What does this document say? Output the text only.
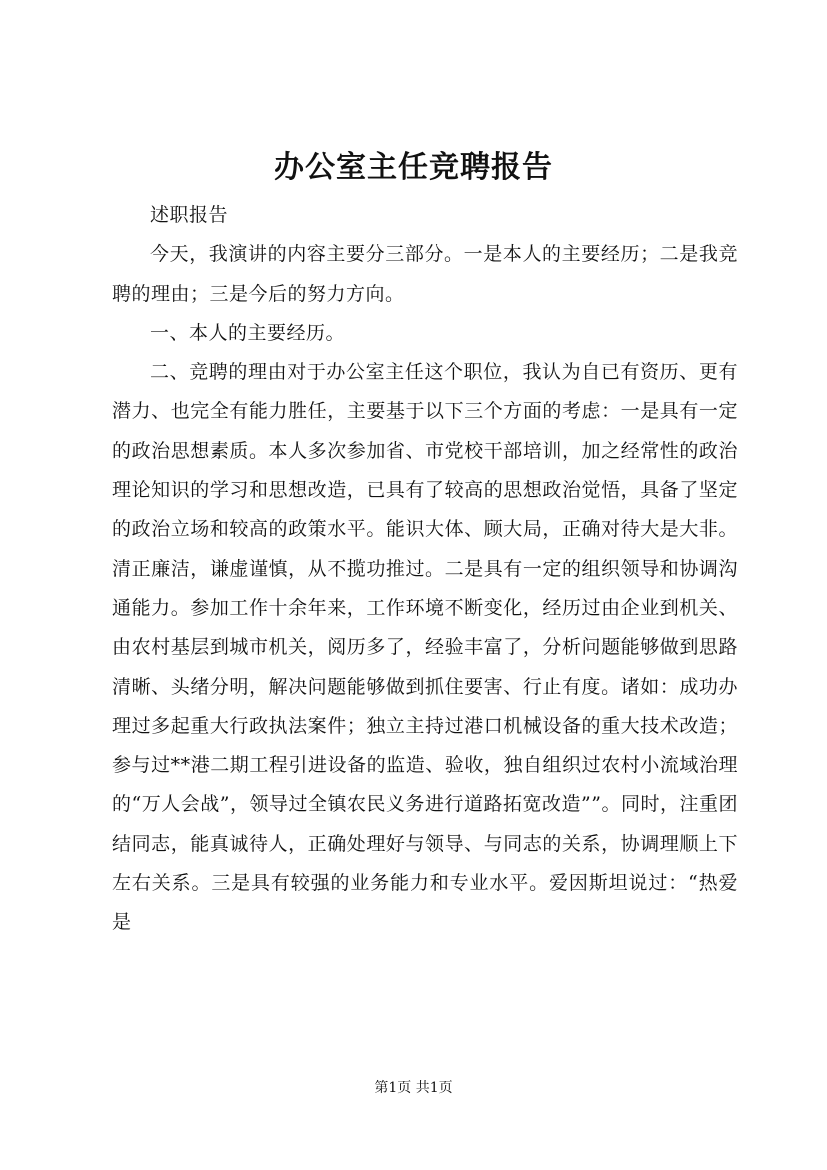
办公室主任竞聘报告

述职报告

今天，我演讲的内容主要分三部分。一是本人的主要经历；二是我竞聘的理由；三是今后的努力方向。

一、本人的主要经历。

二、竞聘的理由对于办公室主任这个职位，我认为自已有资历、更有潜力、也完全有能力胜任，主要基于以下三个方面的考虑：一是具有一定的政治思想素质。本人多次参加省、市党校干部培训，加之经常性的政治理论知识的学习和思想改造，已具有了较高的思想政治觉悟，具备了坚定的政治立场和较高的政策水平。能识大体、顾大局，正确对待大是大非。清正廉洁，谦虚谨慎，从不揽功推过。二是具有一定的组织领导和协调沟通能力。参加工作十余年来，工作环境不断变化，经历过由企业到机关、由农村基层到城市机关，阅历多了，经验丰富了，分析问题能够做到思路清晰、头绪分明，解决问题能够做到抓住要害、行止有度。诸如：成功办理过多起重大行政执法案件；独立主持过港口机械设备的重大技术改造；参与过**港二期工程引进设备的监造、验收，独自组织过农村小流域治理的“万人会战”，领导过全镇农民义务进行道路拓宽改造””。同时，注重团结同志，能真诚待人，正确处理好与领导、与同志的关系，协调理顺上下左右关系。三是具有较强的业务能力和专业水平。爱因斯坦说过：“热爱是

第1页 共1页
